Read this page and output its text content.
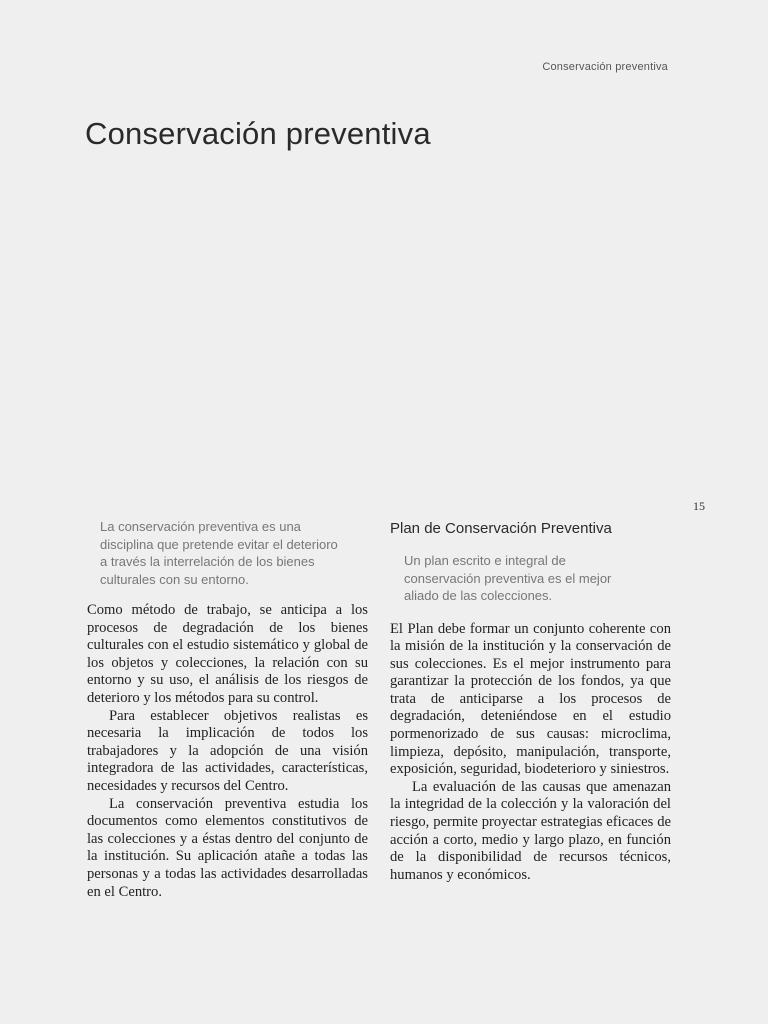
Conservación preventiva
Conservación preventiva
15

La conservación preventiva es una disciplina que pretende evitar el deterioro a través la interrelación de los bienes culturales con su entorno.

Como método de trabajo, se anticipa a los procesos de degradación de los bienes culturales con el estudio sistemático y global de los objetos y colecciones, la relación con su entorno y su uso, el análisis de los riesgos de deterioro y los métodos para su control.

Para establecer objetivos realistas es necesaria la implicación de todos los trabajadores y la adopción de una visión integradora de las actividades, características, necesidades y recursos del Centro.

La conservación preventiva estudia los documentos como elementos constitutivos de las colecciones y a éstas dentro del conjunto de la institución. Su aplicación atañe a todas las personas y a todas las actividades desarrolladas en el Centro.

Plan de Conservación Preventiva

Un plan escrito e integral de conservación preventiva es el mejor aliado de las colecciones.

El Plan debe formar un conjunto coherente con la misión de la institución y la conservación de sus colecciones. Es el mejor instrumento para garantizar la protección de los fondos, ya que trata de anticiparse a los procesos de degradación, deteniéndose en el estudio pormenorizado de sus causas: microclima, limpieza, depósito, manipulación, transporte, exposición, seguridad, biodeterioro y siniestros.

La evaluación de las causas que amenazan la integridad de la colección y la valoración del riesgo, permite proyectar estrategias eficaces de acción a corto, medio y largo plazo, en función de la disponibilidad de recursos técnicos, humanos y económicos.
